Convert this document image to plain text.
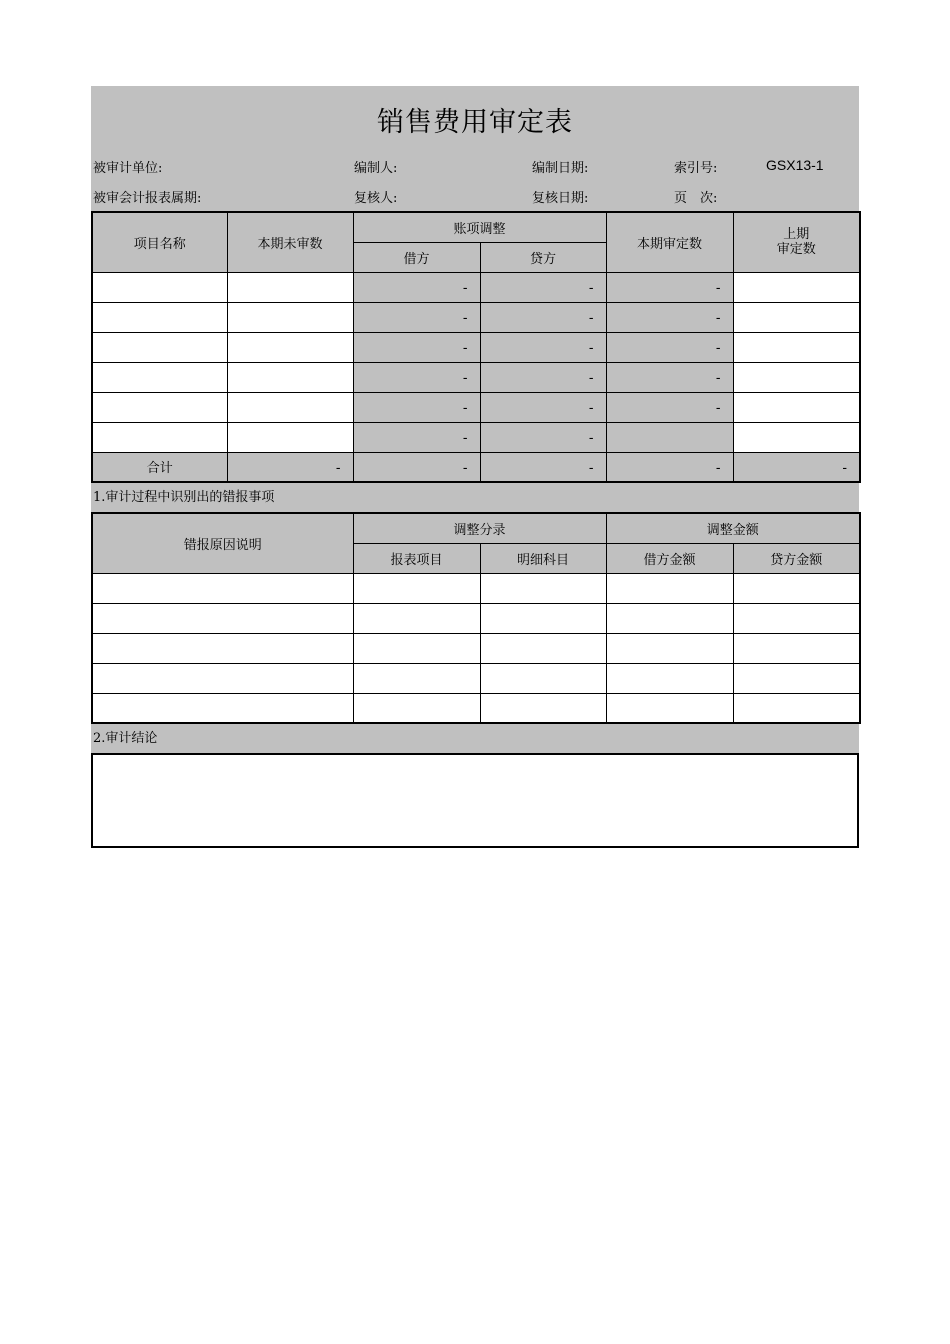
销售费用审定表
被审计单位:	编制人:	编制日期:	索引号:	GSX13-1
被审会计报表属期:	复核人:	复核日期:	页　次:
项目名称	本期未审数	账项调整		本期审定数	上期
审定数

		借方	贷方		
		-	-	-	
		-	-	-	
		-	-	-	
		-	-	-	
		-	-	-	
		-	-		
合计	-	-	-	-	-
1.审计过程中识别出的错报事项
错报原因说明	调整分录		调整金额	
	报表项目	明细科目	借方金额	贷方金额

2.审计结论
